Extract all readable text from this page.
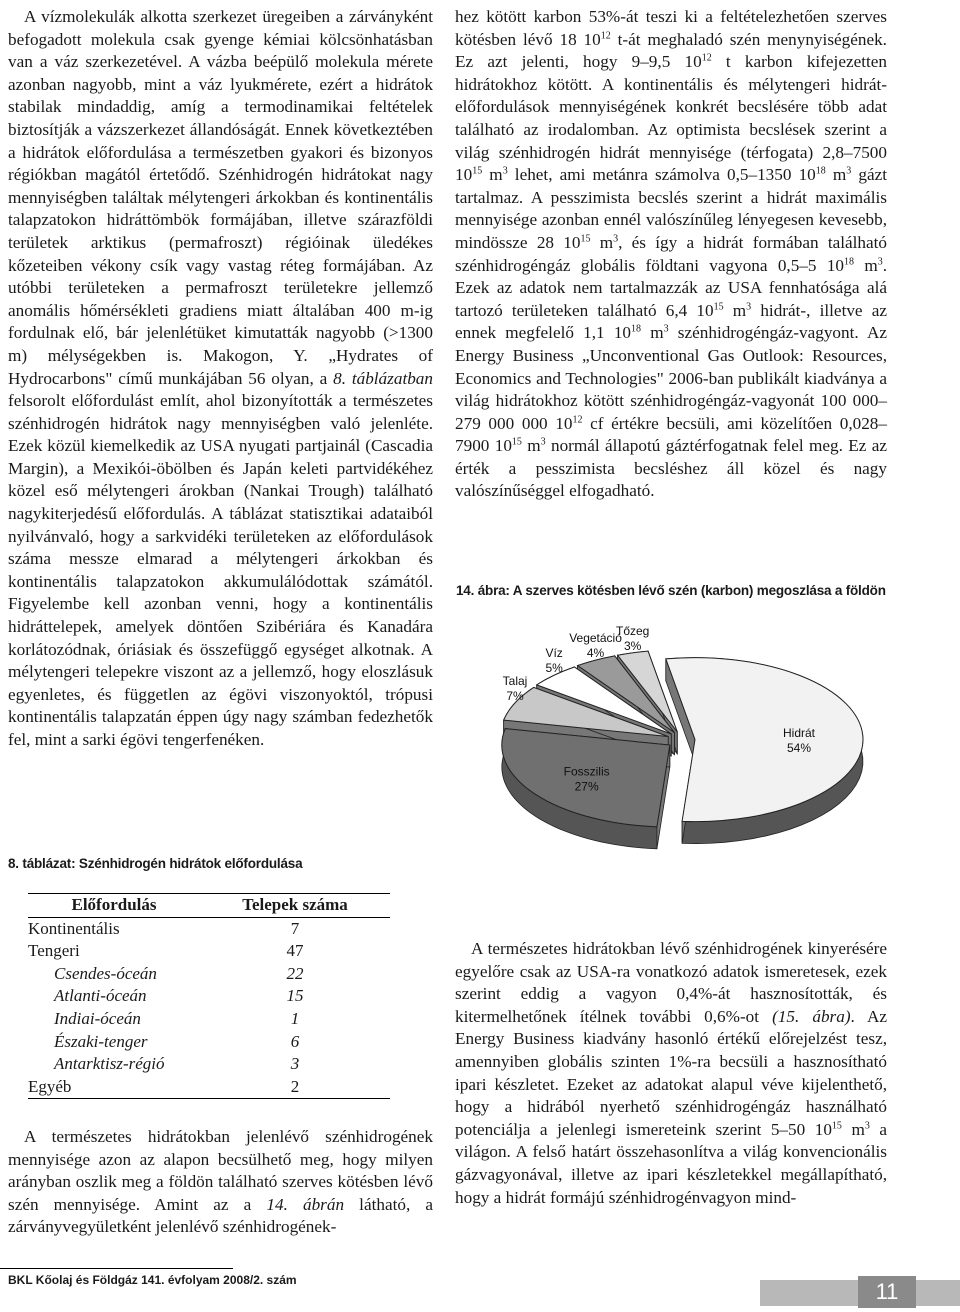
A vízmolekulák alkotta szerkezet üregeiben a zárványként befogadott molekula csak gyenge kémiai kölcsönhatásban van a váz szerkezetével. A vázba beépülő molekula mérete azonban nagyobb, mint a váz lyukmérete, ezért a hidrátok stabilak mindaddig, amíg a termodinamikai feltételek biztosítják a vázszerkezet állandóságát. Ennek következtében a hidrátok előfordulása a természetben gyakori és bizonyos régiókban magától értetődő. Szénhidrogén hidrátokat nagy mennyiségben találtak mélytengeri árkokban és kontinentális talapzatokon hidráttömbök formájában, illetve szárazföldi területek arktikus (permafroszt) régióinak üledékes kőzeteiben vékony csík vagy vastag réteg formájában. Az utóbbi területeken a permafroszt területekre jellemző anomális hőmérsékleti gradiens miatt általában 400 m-ig fordulnak elő, bár jelenlétüket kimutatták nagyobb (>1300 m) mélységekben is. Makogon, Y. „Hydrates of Hydrocarbons" című munkájában 56 olyan, a 8. táblázatban felsorolt előfordulást említ, ahol bizonyították a természetes szénhidrogén hidrátok nagy mennyiségben való jelenléte. Ezek közül kiemelkedik az USA nyugati partjainál (Cascadia Margin), a Mexikói-öbölben és Japán keleti partvidékéhez közel eső mélytengeri árokban (Nankai Trough) található nagykiterjedésű előfordulás. A táblázat statisztikai adataiból nyilvánvaló, hogy a sarkvidéki területeken az előfordulások száma messze elmarad a mélytengeri árkokban és kontinentális talapzatokon akkumulálódottak számától. Figyelembe kell azonban venni, hogy a kontinentális hidráttelepek, amelyek döntően Szibériára és Kanadára korlátozódnak, óriásiak és összefüggő egységet alkotnak. A mélytengeri telepekre viszont az a jellemző, hogy eloszlásuk egyenletes, és független az égövi viszonyoktól, trópusi kontinentális talapzatán éppen úgy nagy számban fedezhetők fel, mint a sarki égövi tengerfenéken.

8. táblázat: Szénhidrogén hidrátok előfordulása
Előfordulás	Telepek száma
Kontinentális	7
Tengeri	47
Csendes-óceán	22
Atlanti-óceán	15
Indiai-óceán	1
Északi-tenger	6
Antarktisz-régió	3
Egyéb	2

A természetes hidrátokban jelenlévő szénhidrogének mennyisége azon az alapon becsülhető meg, hogy milyen arányban oszlik meg a földön található szerves kötésben lévő szén mennyisége. Amint az a 14. ábrán látható, a zárványvegyületként jelenlévő szénhidrogének-

hez kötött karbon 53%-át teszi ki a feltételezhetően szerves kötésben lévő 18 $10^{12}$ t-át meghaladó szén menynyiségének. Ez azt jelenti, hogy 9–9,5 $10^{12}$ t karbon kifejezetten hidrátokhoz kötött. A kontinentális és mélytengeri hidrát-előfordulások mennyiségének konkrét becslésére több adat található az irodalomban. Az optimista becslések szerint a világ szénhidrogén hidrát mennyisége (térfogata) 2,8–7500 $10^{15}$ $m^3$ lehet, ami metánra számolva 0,5–1350 $10^{18}$ $m^3$ gázt tartalmaz. A pesszimista becslés szerint a hidrát maximális mennyisége azonban ennél valószínűleg lényegesen kevesebb, mindössze 28 $10^{15}$ $m^3$, és így a hidrát formában található szénhidrogéngáz globális földtani vagyona 0,5–5 $10^{18}$ $m^3$. Ezek az adatok nem tartalmazzák az USA fennhatósága alá tartozó területeken található 6,4 $10^{15}$ $m^3$ hidrát-, illetve az ennek megfelelő 1,1 $10^{18}$ $m^3$ szénhidrogéngáz-vagyont. Az Energy Business „Unconventional Gas Outlook: Resources, Economics and Technologies" 2006-ban publikált kiadványa a világ hidrátokhoz kötött szénhidrogéngáz-vagyonát 100 000–279 000 000 $10^{12}$ cf értékre becsüli, ami közelítően 0,028–7900 $10^{15}$ $m^3$ normál állapotú gáztérfogatnak felel meg. Ez az érték a pesszimista becsléshez áll közel és nagy valószínűséggel elfogadható.

14. ábra: A szerves kötésben lévő szén (karbon) megoszlása a földön
Hidrát 54%
Fosszilis 27%
Talaj 7%
Víz 5%
Vegetáció 4%
Tőzeg 3%

A természetes hidrátokban lévő szénhidrogének kinyerésére egyelőre csak az USA-ra vonatkozó adatok ismeretesek, ezek szerint eddig a vagyon 0,4%-át hasznosították, és kitermelhetőnek ítélnek további 0,6%-ot (15. ábra). Az Energy Business kiadvány hasonló értékű előrejelzést tesz, amennyiben globális szinten 1%-ra becsüli a hasznosítható ipari készletet. Ezeket az adatokat alapul véve kijelenthető, hogy a hidrából nyerhető szénhidrogéngáz használható potenciálja a jelenlegi ismereteink szerint 5–50 $10^{15}$ $m^3$ a világon. A felső határt összehasonlítva a világ konvencionális gázvagyonával, illetve az ipari készletekkel megállapítható, hogy a hidrát formájú szénhidrogénvagyon mind-

BKL Kőolaj és Földgáz 141. évfolyam 2008/2. szám	11
